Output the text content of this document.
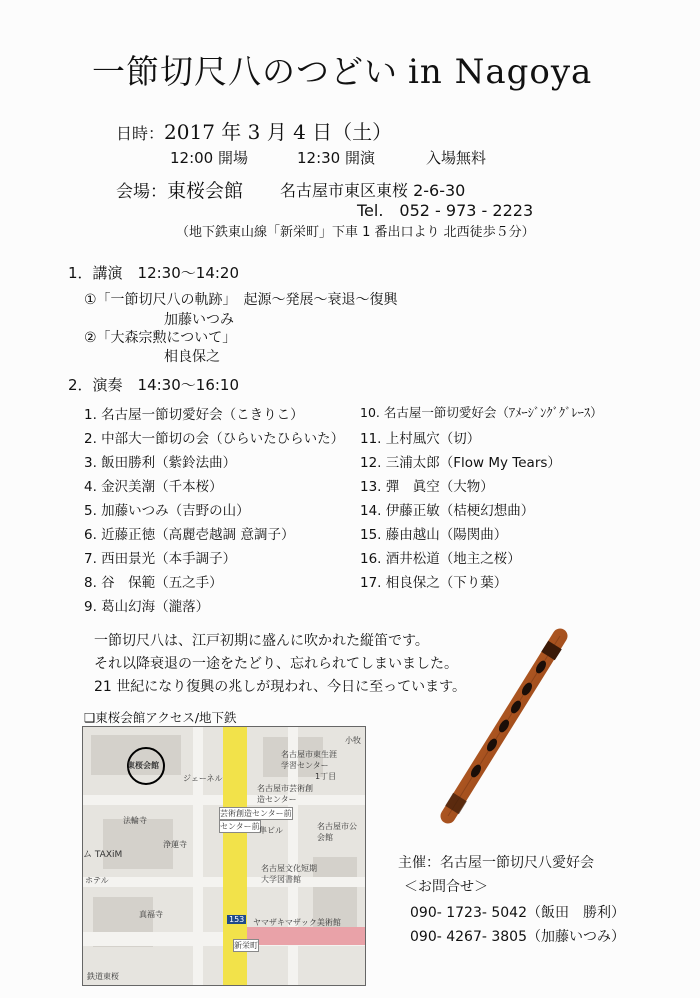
一節切尺八のつどい in Nagoya
日時：2017 年 3 月 4 日（土）
12:00 開場	12:30 開演	入場無料
会場：東桜会館 名古屋市東区東桜 2-6-30
Tel.　052 - 973 - 2223
（地下鉄東山線「新栄町」下車 1 番出口より 北西徒歩５分）
1．講演　12:30〜14:20
①「一節切尺八の軌跡」　起源〜発展〜衰退〜復興
加藤いつみ
②「大森宗勲について」
相良保之
2．演奏　14:30〜16:10
1. 名古屋一節切愛好会（こきりこ）
2. 中部大一節切の会（ひらいたひらいた）
3. 飯田勝利（紫鈴法曲）
4. 金沢美潮（千本桜）
5. 加藤いつみ（吉野の山）
6. 近藤正徳（高麗壱越調 意調子）
7. 西田景光（本手調子）
8. 谷　保範（五之手）
9. 葛山幻海（瀧落）
10. 名古屋一節切愛好会（ｱﾒｰｼﾞﾝｸﾞｸﾞﾚｰｽ）
11. 上村風穴（切）
12. 三浦太郎（Flow My Tears）
13. 彈　眞空（大物）
14. 伊藤正敏（桔梗幻想曲）
15. 藤由越山（陽関曲）
16. 酒井松道（地主之桜）
17. 相良保之（下り葉）
一節切尺八は、江戸初期に盛んに吹かれた縦笛です。
それ以降衰退の一途をたどり、忘れられてしまいました。
21 世紀になり復興の兆しが現われ、今日に至っています。
❑東桜会館アクセス/地下鉄
東桜会館
ジェーネル
法輪寺
浄蓮寺
ム TAXiM
ホテル
真福寺
鉄道東桜
芸術創造センター前
センター前 隼ビル
名古屋市芸術創造センター
名古屋市東生涯学習センター
1丁目
名古屋市公会館
名古屋文化短期大学図書館
ヤマザキマザック美術館
新栄町
153
小牧
主催：名古屋一節切尺八愛好会
＜お問合せ＞
090- 1723- 5042（飯田　勝利）
090- 4267- 3805（加藤いつみ）
